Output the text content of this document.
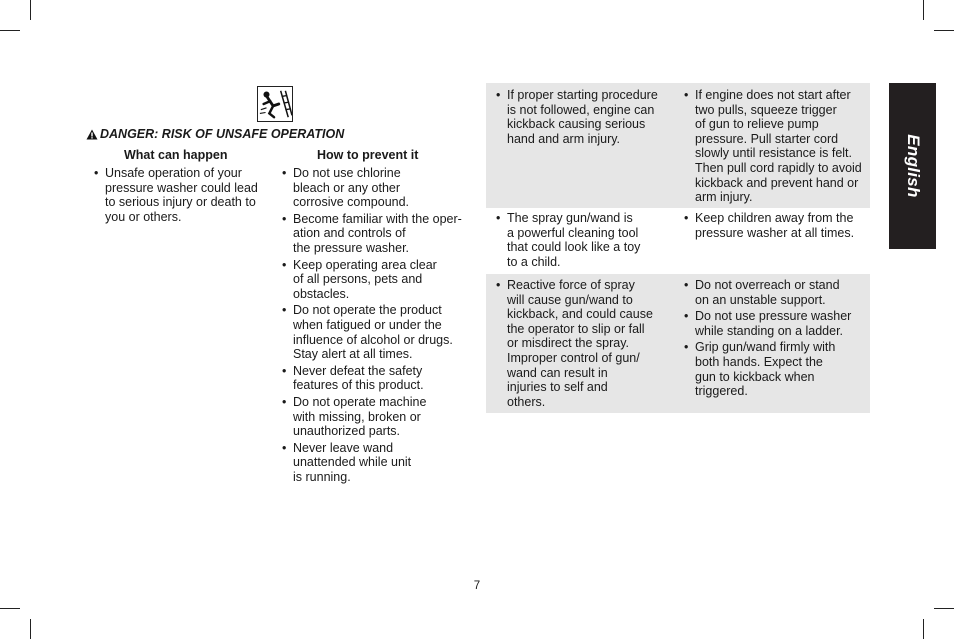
DANGER: RISK OF UNSAFE OPERATION
What can happen	How to prevent it
• Unsafe operation of your
pressure washer could lead
to serious injury or death to
you or others.
• Do not use chlorine
bleach or any other
corrosive compound.
• Become familiar with the oper-
ation and controls of
the pressure washer.
• Keep operating area clear
of all persons, pets and
obstacles.
• Do not operate the product
when fatigued or under the
influence of alcohol or drugs.
Stay alert at all times.
• Never defeat the safety
features of this product.
• Do not operate machine
with missing, broken or
unauthorized parts.
• Never leave wand
unattended while unit
is running.
• If proper starting procedure
is not followed, engine can
kickback causing serious
hand and arm injury.
• If engine does not start after
two pulls, squeeze trigger
of gun to relieve pump
pressure. Pull starter cord
slowly until resistance is felt.
Then pull cord rapidly to avoid
kickback and prevent hand or
arm injury.
• The spray gun/wand is
a powerful cleaning tool
that could look like a toy
to a child.
• Keep children away from the
pressure washer at all times.
• Reactive force of spray
will cause gun/wand to
kickback, and could cause
the operator to slip or fall
or misdirect the spray.
Improper control of gun/
wand can result in
injuries to self and
others.
• Do not overreach or stand
on an unstable support.
• Do not use pressure washer
while standing on a ladder.
• Grip gun/wand firmly with
both hands. Expect the
gun to kickback when
triggered.
English
7
